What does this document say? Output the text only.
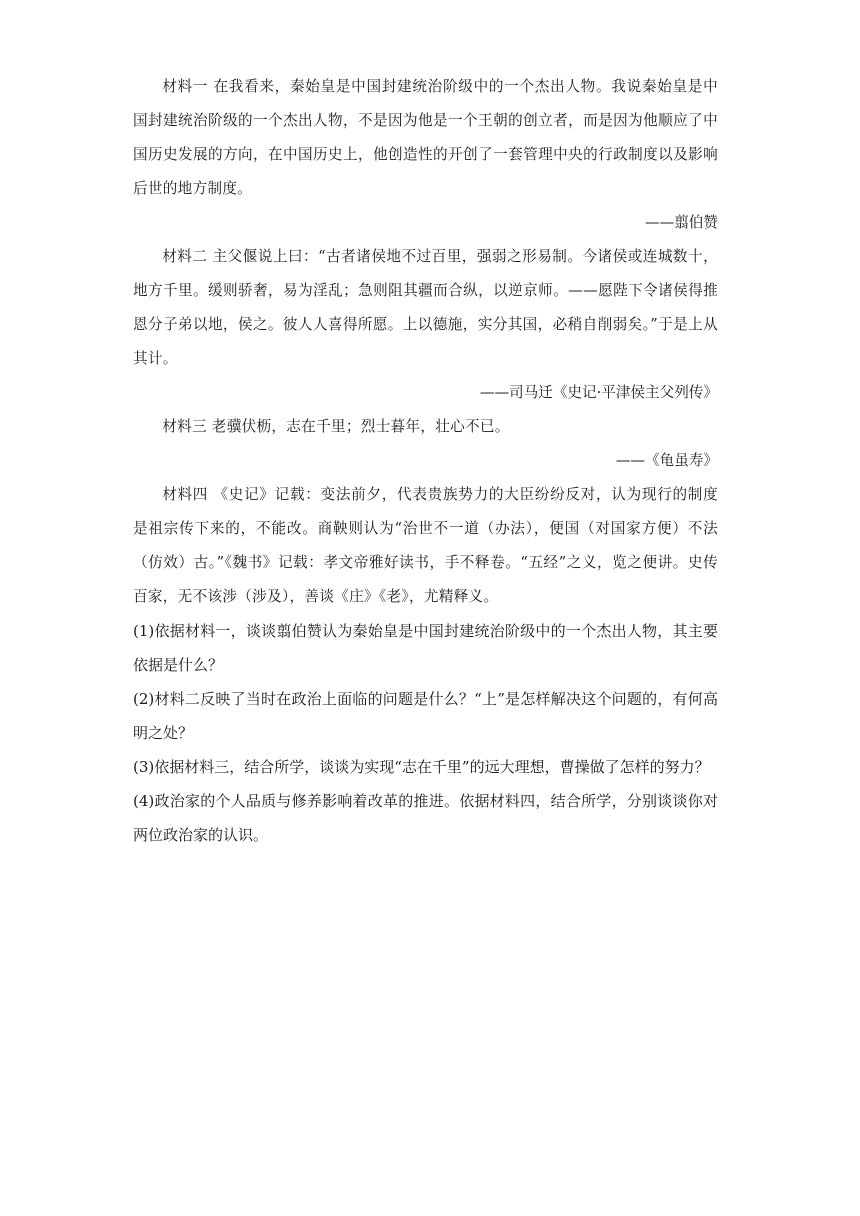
材料一 在我看来，秦始皇是中国封建统治阶级中的一个杰出人物。我说秦始皇是中国封建统治阶级的一个杰出人物，不是因为他是一个王朝的创立者，而是因为他顺应了中国历史发展的方向，在中国历史上，他创造性的开创了一套管理中央的行政制度以及影响后世的地方制度。

——翦伯赞

材料二 主父偃说上曰：“古者诸侯地不过百里，强弱之形易制。今诸侯或连城数十，地方千里。缓则骄奢，易为淫乱；急则阻其疆而合纵，以逆京师。——愿陛下令诸侯得推恩分子弟以地，侯之。彼人人喜得所愿。上以德施，实分其国，必稍自削弱矣。”于是上从其计。

——司马迁《史记·平津侯主父列传》

材料三 老骥伏枥，志在千里；烈士暮年，壮心不已。

——《龟虽寿》

材料四 《史记》记载：变法前夕，代表贵族势力的大臣纷纷反对，认为现行的制度是祖宗传下来的，不能改。商鞅则认为“治世不一道（办法），便国（对国家方便）不法（仿效）古。”《魏书》记载：孝文帝雅好读书，手不释卷。“五经”之义，览之便讲。史传百家，无不该涉（涉及），善谈《庄》《老》，尤精释义。

(1)依据材料一，谈谈翦伯赞认为秦始皇是中国封建统治阶级中的一个杰出人物，其主要依据是什么？

(2)材料二反映了当时在政治上面临的问题是什么？“上”是怎样解决这个问题的，有何高明之处？

(3)依据材料三，结合所学，谈谈为实现“志在千里”的远大理想，曹操做了怎样的努力？

(4)政治家的个人品质与修养影响着改革的推进。依据材料四，结合所学，分别谈谈你对两位政治家的认识。
